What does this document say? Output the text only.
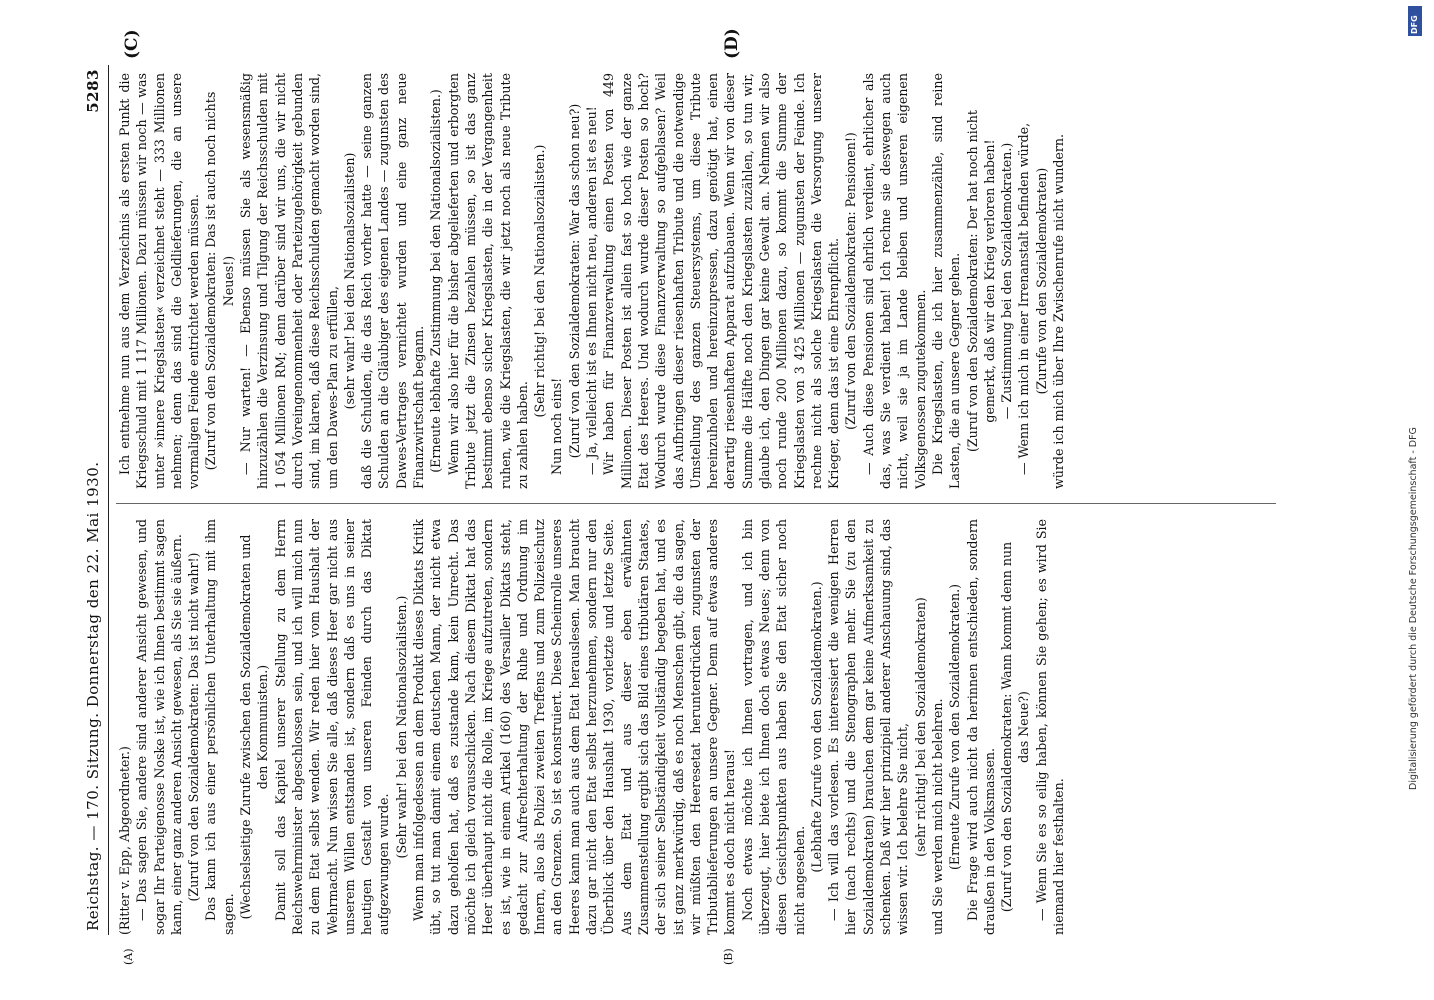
Reichstag. — 170. Sitzung. Donnerstag den 22. Mai 1930.
5283

(Ritter v. Epp, Abgeordneter.) — Das sagen Sie, andere sind anderer Ansicht gewesen, und sogar Ihr Parteigenosse Noske ist, wie ich Ihnen bestimmt sagen kann, einer ganz anderen Ansicht gewesen, als Sie sie äußern. (Zuruf von den Sozialdemokraten: Das ist nicht wahr!) Das kann ich aus einer persönlichen Unterhaltung mit ihm sagen. (Wechselseitige Zurufe zwischen den Sozialdemokraten und den Kommunisten.) Damit soll das Kapitel unserer Stellung zu dem Herrn Reichswehrminister abgeschlossen sein, und ich will mich nun zu dem Etat selbst wenden. Wir reden hier vom Haushalt der Wehrmacht. Nun wissen Sie alle, daß dieses Heer gar nicht aus unserem Willen entstanden ist, sondern daß es uns in seiner heutigen Gestalt von unseren Feinden durch das Diktat aufgezwungen wurde.

(Sehr wahr! bei den Nationalsozialisten.) Wenn man infolgedessen an dem Produkt dieses Diktats Kritik übt, so tut man damit einem deutschen Mann, der nicht etwa dazu geholfen hat, daß es zustande kam, kein Unrecht. Das möchte ich gleich vorausschicken. Nach diesem Diktat hat das Heer überhaupt nicht die Rolle, im Kriege aufzutreten, sondern es ist, wie in einem Artikel (160) des Versailler Diktats steht, gedacht zur Aufrechterhaltung der Ruhe und Ordnung im Innern, also als Polizei zweiten Treffens und zum Polizeischutz an den Grenzen. So ist es konstruiert. Diese Scheinrolle unseres Heeres kann man auch aus dem Etat herauslesen. Man braucht dazu gar nicht den Etat selbst herzunehmen, sondern nur den Überblick über den Haushalt 1930, vorletzte und letzte Seite. Aus dem Etat und aus dieser eben erwähnten Zusammenstellung ergibt sich das Bild eines tributären Staates, der sich seiner Selbständigkeit vollständig begeben hat, und es ist ganz merkwürdig, daß es noch Menschen gibt, die da sagen, wir müßten den Heeresetat herunterdrücken zugunsten der Tributablieferungen an unsere Gegner. Denn auf etwas anderes kommt es doch nicht heraus! Noch etwas möchte ich Ihnen vortragen, und ich bin überzeugt, hier biete ich Ihnen doch etwas Neues; denn von diesen Gesichtspunkten aus haben Sie den Etat sicher noch nicht angesehen.

(Lebhafte Zurufe von den Sozialdemokraten.) — Ich will das vorlesen. Es interessiert die wenigen Herren hier (nach rechts) und die Stenographen mehr. Sie (zu den Sozialdemokraten) brauchen dem gar keine Aufmerksamkeit zu schenken. Daß wir hier prinzipiell anderer Anschauung sind, das wissen wir. Ich belehre Sie nicht, (sehr richtig! bei den Sozialdemokraten) und Sie werden mich nicht belehren. (Erneute Zurufe von den Sozialdemokraten.) Die Frage wird auch nicht da herinnen entschieden, sondern draußen in den Volksmassen. (Zuruf von den Sozialdemokraten: Wann kommt denn nun das Neue?) — Wenn Sie es so eilig haben, können Sie gehen; es wird Sie niemand hier festhalten.

Ich entnehme nun aus dem Verzeichnis als ersten Punkt die Kriegsschuld mit 1 117 Millionen. Dazu müssen wir noch — was unter »innere Kriegslasten« verzeichnet steht — 333 Millionen nehmen; denn das sind die Geldlieferungen, die an unsere vormaligen Feinde entrichtet werden müssen. (Zuruf von den Sozialdemokraten: Das ist auch noch nichts Neues!) — Nur warten! — Ebenso müssen Sie als wesensmäßig hinzuzählen die Verzinsung und Tilgung der Reichsschulden mit 1 054 Millionen RM; denn darüber sind wir uns, die wir nicht durch Voreingenommenheit oder Parteizugehörigkeit gebunden sind, im klaren, daß diese Reichsschulden gemacht worden sind, um den Dawes-Plan zu erfüllen, (sehr wahr! bei den Nationalsozialisten) daß die Schulden, die das Reich vorher hatte — seine ganzen Schulden an die Gläubiger des eigenen Landes — zugunsten des Dawes-Vertrages vernichtet wurden und eine ganz neue Finanzwirtschaft begann. (Erneute lebhafte Zustimmung bei den Nationalsozialisten.) Wenn wir also hier für die bisher abgelieferten und erborgten Tribute jetzt die Zinsen bezahlen müssen, so ist das ganz bestimmt ebenso sicher Kriegslasten, die in der Vergangenheit ruhen, wie die Kriegslasten, die wir jetzt noch als neue Tribute zu zahlen haben.

(Sehr richtig! bei den Nationalsozialisten.)

Nun noch eins! (Zuruf von den Sozialdemokraten: War das schon neu?) — Ja, vielleicht ist es Ihnen nicht neu, anderen ist es neu! Wir haben für Finanzverwaltung einen Posten von 449 Millionen. Dieser Posten ist allein fast so hoch wie der ganze Etat des Heeres. Und wodurch wurde dieser Posten so hoch? Wodurch wurde diese Finanzverwaltung so aufgeblasen? Weil das Aufbringen dieser riesenhaften Tribute und die notwendige Umstellung des ganzen Steuersystems, um diese Tribute hereinzuholen und hereinzupressen, dazu genötigt hat, einen derartig riesenhaften Apparat aufzubauen. Wenn wir von dieser Summe die Hälfte noch den Kriegslasten zuzählen, so tun wir, glaube ich, den Dingen gar keine Gewalt an. Nehmen wir also noch runde 200 Millionen dazu, so kommt die Summe der Kriegslasten von 3 425 Millionen — zugunsten der Feinde. Ich rechne nicht als solche Kriegslasten die Versorgung unserer Krieger, denn das ist eine Ehrenpflicht. (Zuruf von den Sozialdemokraten: Pensionen!) — Auch diese Pensionen sind ehrlich verdient, ehrlicher als das, was Sie verdient haben! Ich rechne sie deswegen auch nicht, weil sie ja im Lande bleiben und unseren eigenen Volksgenossen zugutekommen. Die Kriegslasten, die ich hier zusammenzähle, sind reine Lasten, die an unsere Gegner gehen. (Zuruf von den Sozialdemokraten: Der hat noch nicht gemerkt, daß wir den Krieg verloren haben! — Zustimmung bei den Sozialdemokraten.) — Wenn ich mich in einer Irrenanstalt befinden würde, (Zurufe von den Sozialdemokraten) würde ich mich über Ihre Zwischenrufe nicht wundern.

(A)	(B)
(C)	(D)
DFG
Digitalisierung gefördert durch die Deutsche Forschungsgemeinschaft - DFG
